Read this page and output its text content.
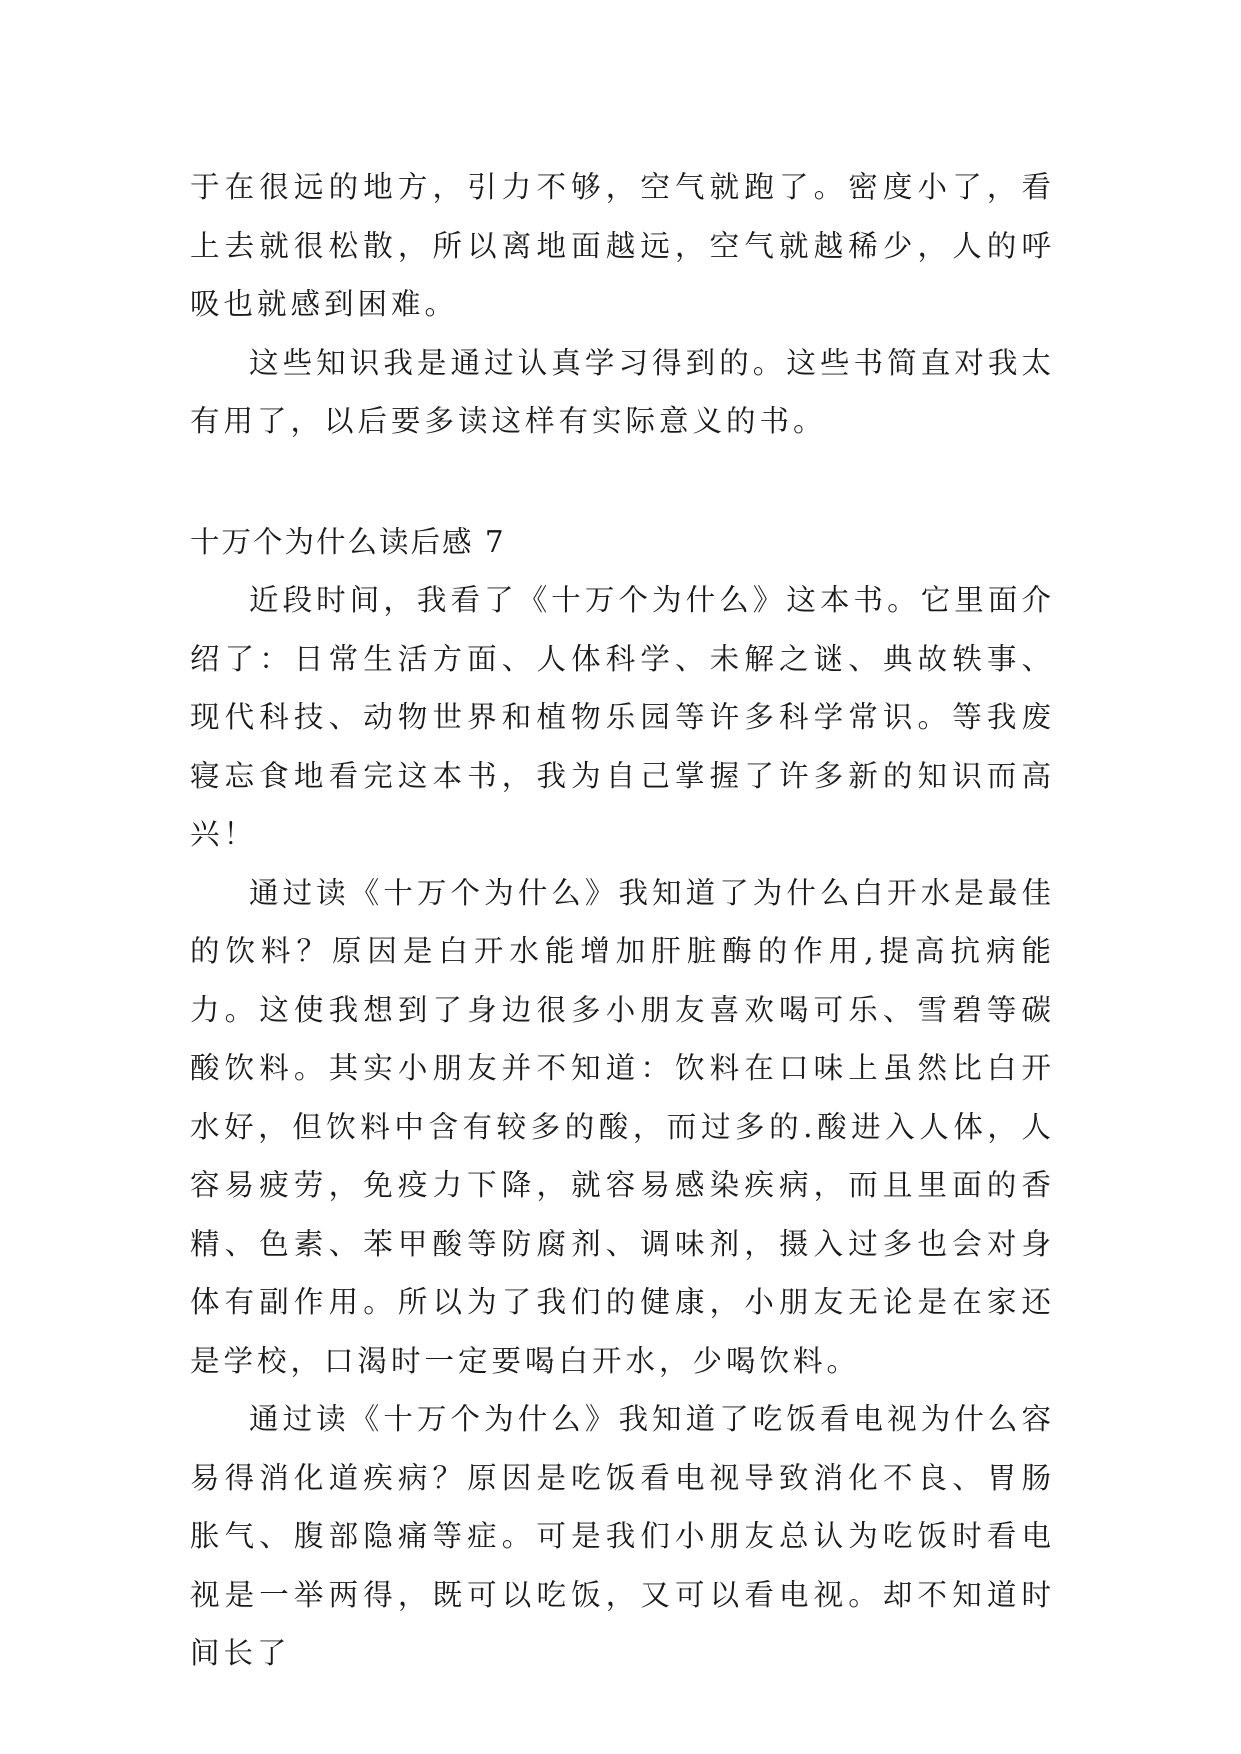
于在很远的地方，引力不够，空气就跑了。密度小了，看上去就很松散，所以离地面越远，空气就越稀少，人的呼吸也就感到困难。

这些知识我是通过认真学习得到的。这些书简直对我太有用了，以后要多读这样有实际意义的书。

十万个为什么读后感 7

近段时间，我看了《十万个为什么》这本书。它里面介绍了：日常生活方面、人体科学、未解之谜、典故轶事、现代科技、动物世界和植物乐园等许多科学常识。等我废寝忘食地看完这本书，我为自己掌握了许多新的知识而高兴！

通过读《十万个为什么》我知道了为什么白开水是最佳的饮料？原因是白开水能增加肝脏酶的作用,提高抗病能力。这使我想到了身边很多小朋友喜欢喝可乐、雪碧等碳酸饮料。其实小朋友并不知道：饮料在口味上虽然比白开水好，但饮料中含有较多的酸，而过多的.酸进入人体，人容易疲劳，免疫力下降，就容易感染疾病，而且里面的香精、色素、苯甲酸等防腐剂、调味剂，摄入过多也会对身体有副作用。所以为了我们的健康，小朋友无论是在家还是学校，口渴时一定要喝白开水，少喝饮料。

通过读《十万个为什么》我知道了吃饭看电视为什么容易得消化道疾病？原因是吃饭看电视导致消化不良、胃肠胀气、腹部隐痛等症。可是我们小朋友总认为吃饭时看电视是一举两得，既可以吃饭，又可以看电视。却不知道时间长了
